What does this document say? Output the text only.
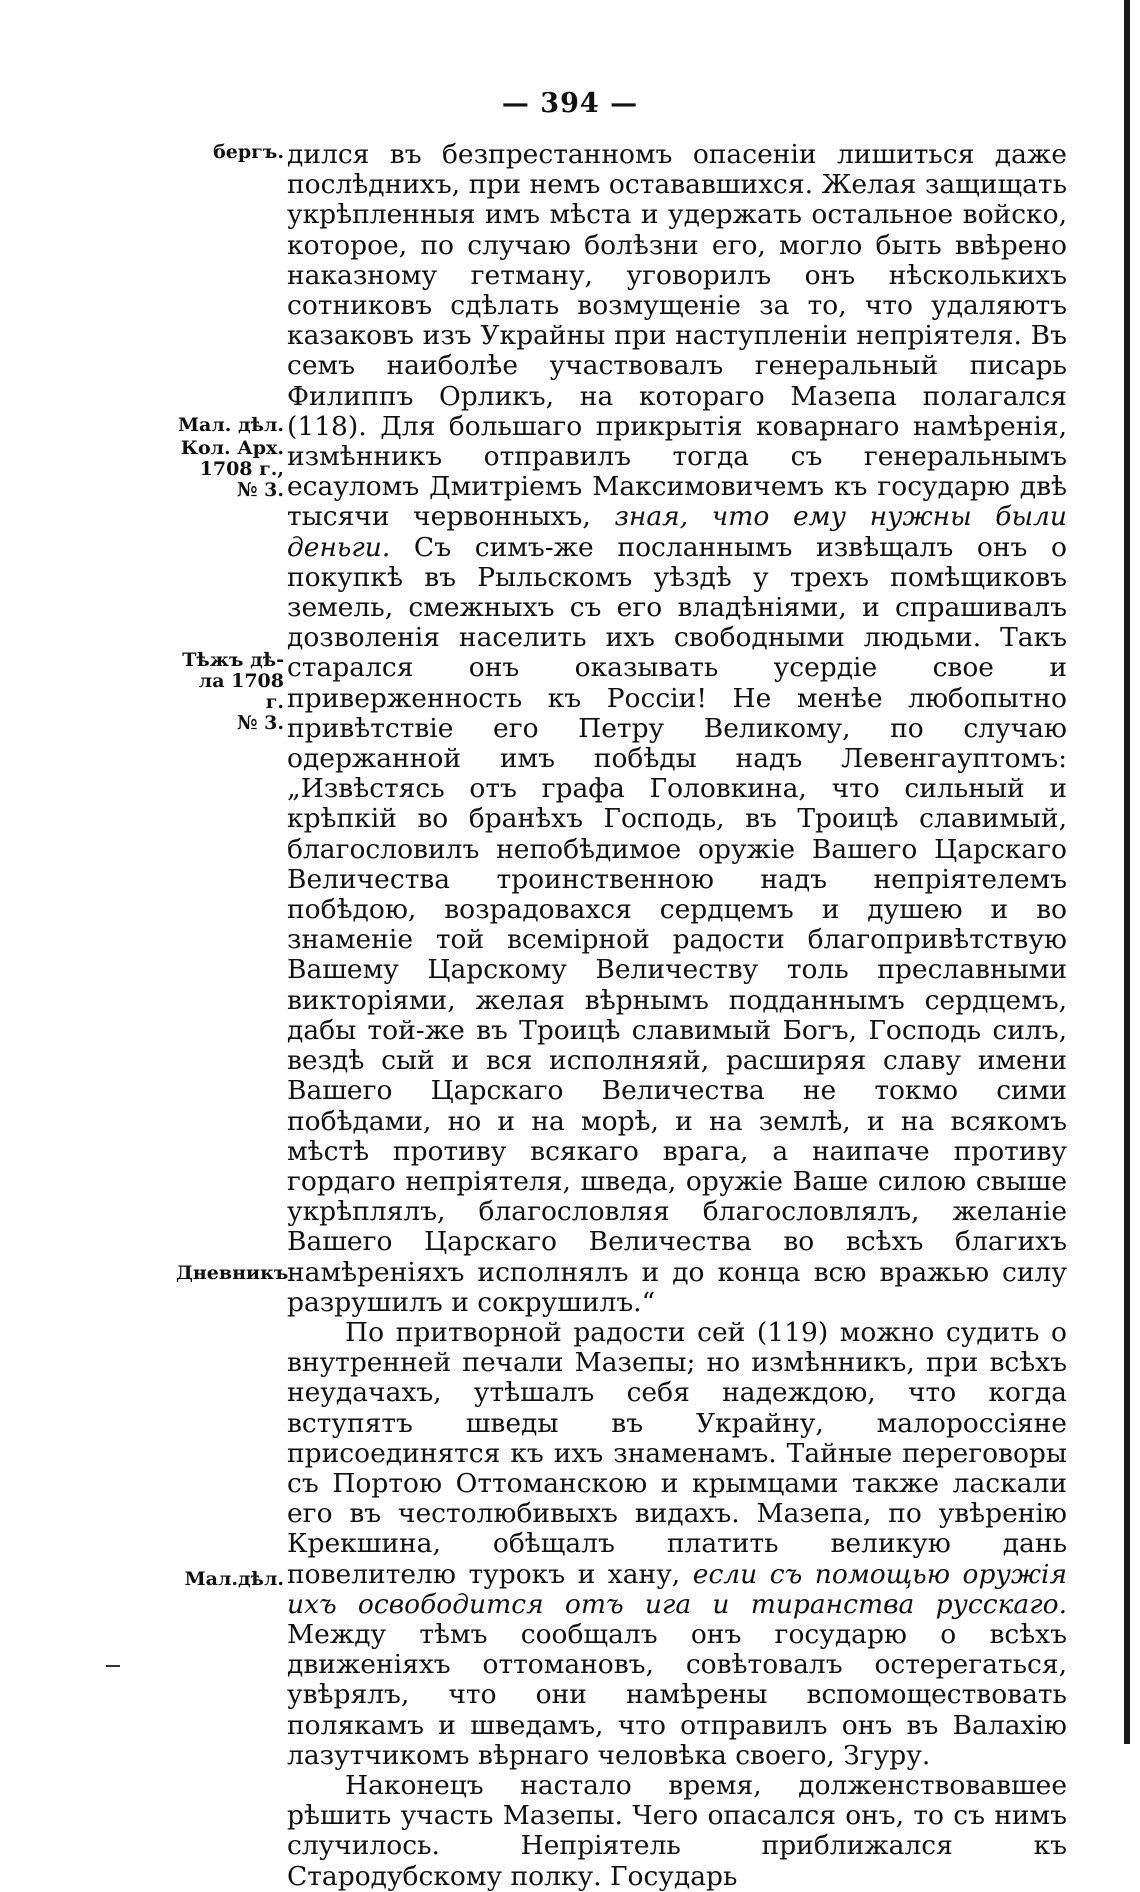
— 394 —
бергъ.
Мал. дѣл.
Кол. Арх.
1708 г.,
№ 3.
Тѣжъ дѣ-
ла 1708 г.
№ 3.
Дневникъ
Мал.дѣл.

дился въ безпрестанномъ опасеніи лишиться даже послѣднихъ, при немъ остававшихся. Желая защищать укрѣпленныя имъ мѣста и удержать остальное войско, которое, по случаю болѣзни его, могло быть ввѣрено наказному гетману, уговорилъ онъ нѣсколькихъ сотниковъ сдѣлать возмущеніе за то, что удаляютъ казаковъ изъ Украйны при наступленіи непріятеля. Въ семъ наиболѣе участвовалъ генеральный писарь Филиппъ Орликъ, на котораго Мазепа полагался (118). Для большаго прикрытія коварнаго намѣренія, измѣнникъ отправилъ тогда съ генеральнымъ есауломъ Дмитріемъ Максимовичемъ къ государю двѣ тысячи червонныхъ, зная, что ему нужны были деньги. Съ симъ-же посланнымъ извѣщалъ онъ о покупкѣ въ Рыльскомъ уѣздѣ у трехъ помѣщиковъ земель, смежныхъ съ его владѣніями, и спрашивалъ дозволенія населить ихъ свободными людьми. Такъ старался онъ оказывать усердіе свое и приверженность къ Россіи! Не менѣе любопытно привѣтствіе его Петру Великому, по случаю одержанной имъ побѣды надъ Левенгауптомъ: „Извѣстясь отъ графа Головкина, что сильный и крѣпкій во бранѣхъ Господь, въ Троицѣ славимый, благословилъ непобѣдимое оружіе Вашего Царскаго Величества троинственною надъ непріятелемъ побѣдою, возрадовахся сердцемъ и душею и во знаменіе той всемірной радости благопривѣтствую Вашему Царскому Величеству толь преславными викторіями, желая вѣрнымъ подданнымъ сердцемъ, дабы той-же въ Троицѣ славимый Богъ, Господь силъ, вездѣ сый и вся исполняяй, расширяя славу имени Вашего Царскаго Величества не токмо сими побѣдами, но и на морѣ, и на землѣ, и на всякомъ мѣстѣ противу всякаго врага, а наипаче противу гордаго непріятеля, шведа, оружіе Ваше силою свыше укрѣплялъ, благословляя благословлялъ, желаніе Вашего Царскаго Величества во всѣхъ благихъ намѣреніяхъ исполнялъ и до конца всю вражью силу разрушилъ и сокрушилъ.“

По притворной радости сей (119) можно судить о внутренней печали Мазепы; но измѣнникъ, при всѣхъ неудачахъ, утѣшалъ себя надеждою, что когда вступятъ шведы въ Украйну, малороссіяне присоединятся къ ихъ знаменамъ. Тайные переговоры съ Портою Оттоманскою и крымцами также ласкали его въ честолюбивыхъ видахъ. Мазепа, по увѣренію Крекшина, обѣщалъ платить великую дань повелителю турокъ и хану, если съ помощью оружія ихъ освободится отъ ига и тиранства русскаго. Между тѣмъ сообщалъ онъ государю о всѣхъ движеніяхъ оттомановъ, совѣтовалъ остерегаться, увѣрялъ, что они намѣрены вспомоществовать полякамъ и шведамъ, что отправилъ онъ въ Валахію лазутчикомъ вѣрнаго человѣка своего, Згуру.

Наконецъ настало время, долженствовавшее рѣшить участь Мазепы. Чего опасался онъ, то съ нимъ случилось. Непріятель приближался къ Стародубскому полку. Государь
